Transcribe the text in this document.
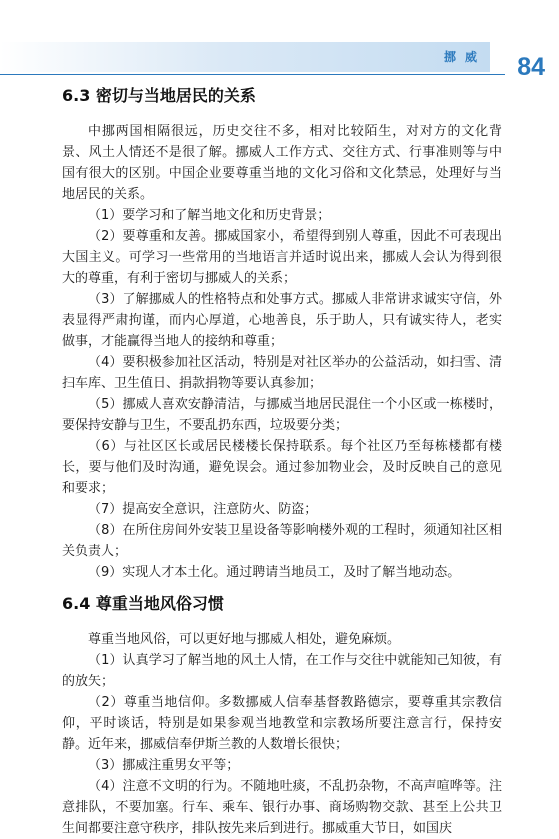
挪威 84
6.3 密切与当地居民的关系

中挪两国相隔很远，历史交往不多，相对比较陌生，对对方的文化背景、风土人情还不是很了解。挪威人工作方式、交往方式、行事准则等与中国有很大的区别。中国企业要尊重当地的文化习俗和文化禁忌，处理好与当地居民的关系。

（1）要学习和了解当地文化和历史背景；

（2）要尊重和友善。挪威国家小，希望得到别人尊重，因此不可表现出大国主义。可学习一些常用的当地语言并适时说出来，挪威人会认为得到很大的尊重，有利于密切与挪威人的关系；

（3）了解挪威人的性格特点和处事方式。挪威人非常讲求诚实守信，外表显得严肃拘谨，而内心厚道，心地善良，乐于助人，只有诚实待人，老实做事，才能赢得当地人的接纳和尊重；

（4）要积极参加社区活动，特别是对社区举办的公益活动，如扫雪、清扫车库、卫生值日、捐款捐物等要认真参加；

（5）挪威人喜欢安静清洁，与挪威当地居民混住一个小区或一栋楼时，要保持安静与卫生，不要乱扔东西，垃圾要分类；

（6）与社区区长或居民楼楼长保持联系。每个社区乃至每栋楼都有楼长，要与他们及时沟通，避免误会。通过参加物业会，及时反映自己的意见和要求；

（7）提高安全意识，注意防火、防盗；

（8）在所住房间外安装卫星设备等影响楼外观的工程时，须通知社区相关负责人；

（9）实现人才本土化。通过聘请当地员工，及时了解当地动态。

6.4 尊重当地风俗习惯

尊重当地风俗，可以更好地与挪威人相处，避免麻烦。

（1）认真学习了解当地的风土人情，在工作与交往中就能知己知彼，有的放矢；

（2）尊重当地信仰。多数挪威人信奉基督教路德宗，要尊重其宗教信仰，平时谈话，特别是如果参观当地教堂和宗教场所要注意言行，保持安静。近年来，挪威信奉伊斯兰教的人数增长很快；

（3）挪威注重男女平等；

（4）注意不文明的行为。不随地吐痰，不乱扔杂物，不高声喧哗等。注意排队，不要加塞。行车、乘车、银行办事、商场购物交款、甚至上公共卫生间都要注意守秩序，排队按先来后到进行。挪威重大节日，如国庆
